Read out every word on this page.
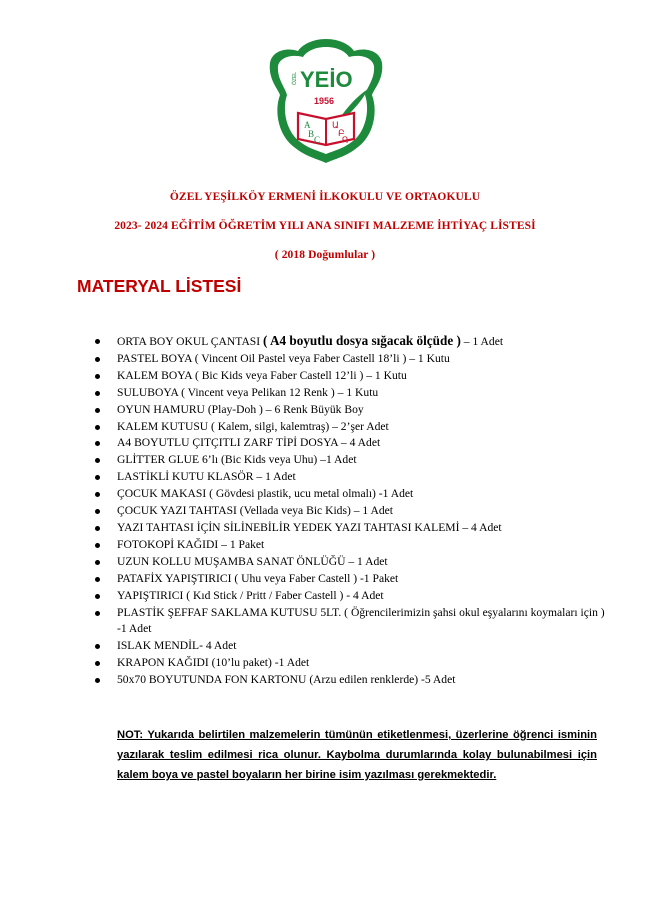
ÖZEL YEİO
1956
A
B
C
Ա
Բ
Գ
ÖZEL YEŞİLKÖY ERMENİ İLKOKULU VE ORTAOKULU
2023- 2024 EĞİTİM ÖĞRETİM YILI ANA SINIFI MALZEME İHTİYAÇ LİSTESİ
( 2018 Doğumlular )
MATERYAL LİSTESİ
ORTA BOY OKUL ÇANTASI ( A4 boyutlu dosya sığacak ölçüde ) – 1 Adet
PASTEL BOYA ( Vincent Oil Pastel veya Faber Castell 18’li ) – 1 Kutu
KALEM BOYA ( Bic Kids veya Faber Castell 12’li ) – 1 Kutu
SULUBOYA ( Vincent veya Pelikan 12 Renk ) – 1 Kutu
OYUN HAMURU (Play-Doh ) – 6 Renk Büyük Boy
KALEM KUTUSU ( Kalem, silgi, kalemtraş) – 2’şer Adet
A4 BOYUTLU ÇITÇITLI ZARF TİPİ DOSYA – 4 Adet
GLİTTER GLUE 6’lı (Bic Kids veya Uhu) –1 Adet
LASTİKLİ KUTU KLASÖR – 1 Adet
ÇOCUK MAKASI ( Gövdesi plastik, ucu metal olmalı) -1 Adet
ÇOCUK YAZI TAHTASI (Vellada veya Bic Kids) – 1 Adet
YAZI TAHTASI İÇİN SİLİNEBİLİR YEDEK YAZI TAHTASI KALEMİ – 4 Adet
FOTOKOPİ KAĞIDI – 1 Paket
UZUN KOLLU MUŞAMBA SANAT ÖNLÜĞÜ – 1 Adet
PATAFİX YAPIŞTIRICI ( Uhu veya Faber Castell ) -1 Paket
YAPIŞTIRICI ( Kıd Stick / Pritt / Faber Castell ) - 4 Adet
PLASTİK ŞEFFAF SAKLAMA KUTUSU 5LT. ( Öğrencilerimizin şahsi okul eşyalarını koymaları için ) -1 Adet
ISLAK MENDİL- 4 Adet
KRAPON KAĞIDI (10’lu paket) -1 Adet
50x70 BOYUTUNDA FON KARTONU (Arzu edilen renklerde) -5 Adet
NOT: Yukarıda belirtilen malzemelerin tümünün etiketlenmesi, üzerlerine öğrenci isminin yazılarak teslim edilmesi rica olunur. Kaybolma durumlarında kolay bulunabilmesi için kalem boya ve pastel boyaların her birine isim yazılması gerekmektedir.
